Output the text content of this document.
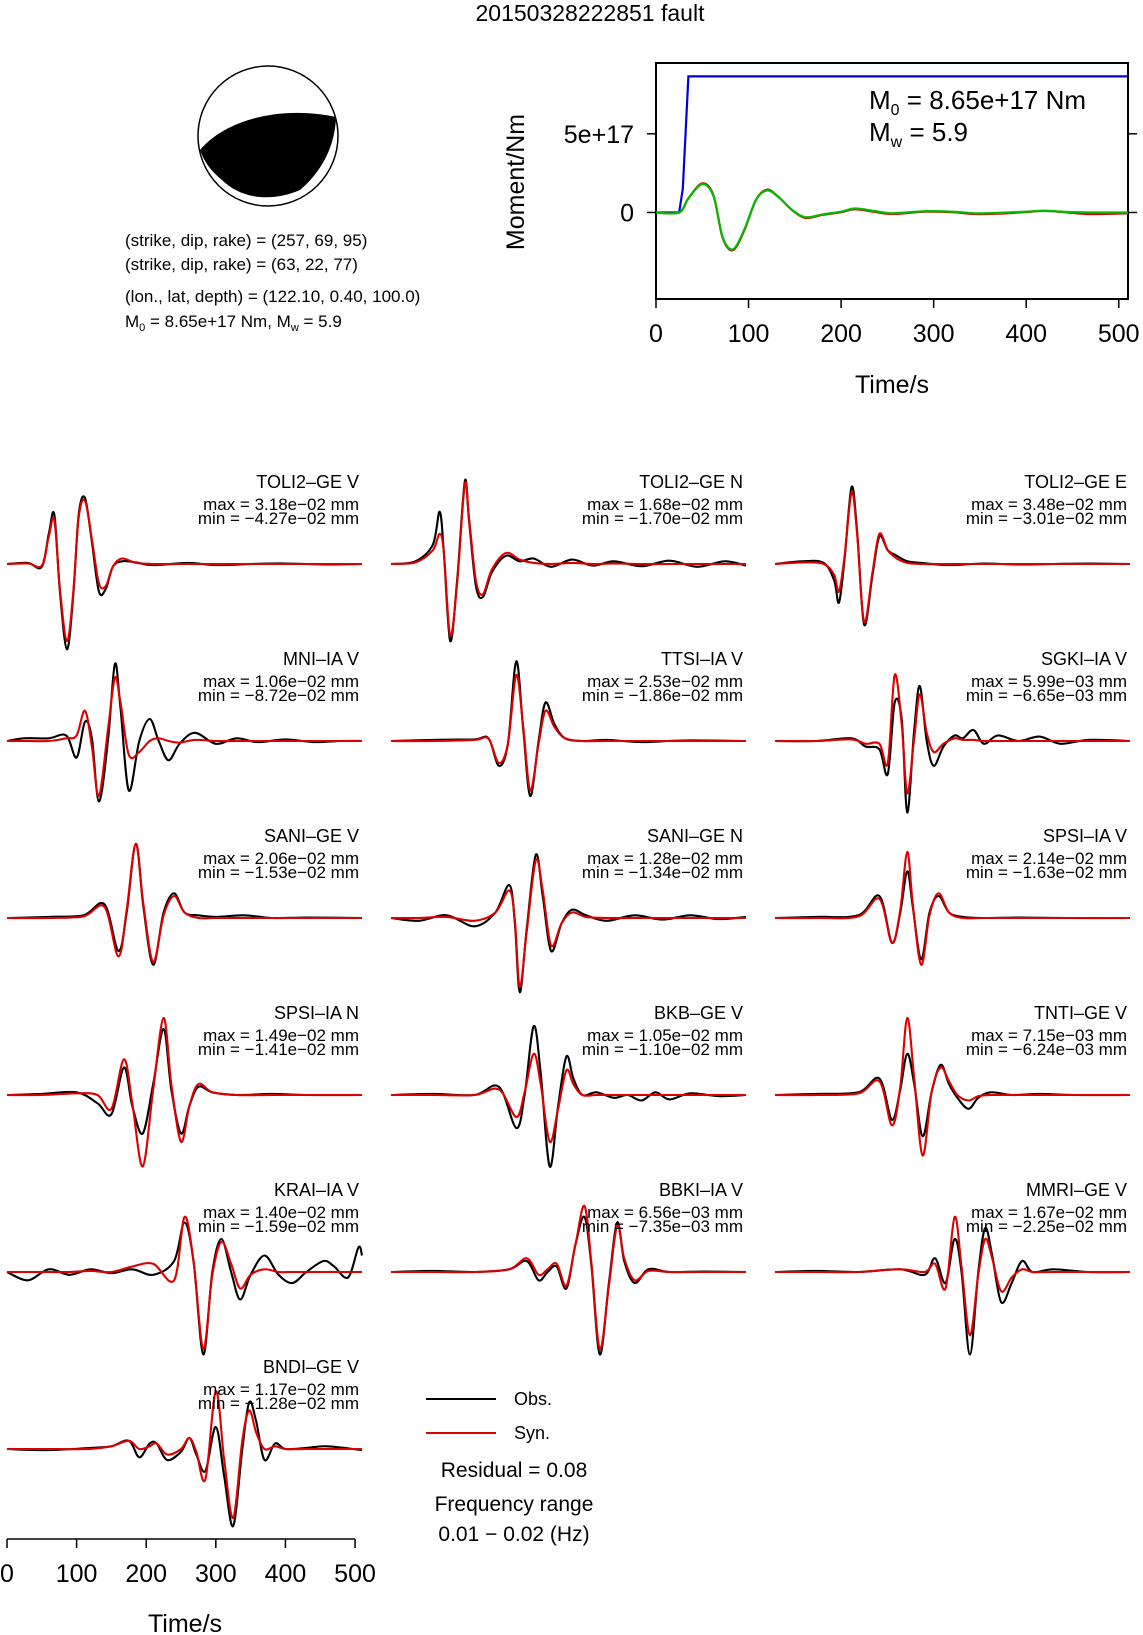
20150328222851 fault
(strike, dip, rake) = (257, 69, 95)
(strike, dip, rake) = (63, 22, 77)
(lon., lat, depth) = (122.10, 0.40, 100.0)
$M_0 = 8.65e+17$ Nm, $M_w = 5.9$	0	100 200 300 400 500
0
5e+17
Moment/Nm
Time/s
$M_0 = 8.65e+17$ Nm
$M_w = 5.9$
TOLI2–GE V
max = 3.18e−02 mm
min = −4.27e−02 mm
TOLI2–GE N
max = 1.68e−02 mm
min = −1.70e−02 mm
TOLI2–GE E
max = 3.48e−02 mm
min = −3.01e−02 mm
MNI–IA V
max = 1.06e−02 mm
min = −8.72e−02 mm
TTSI–IA V
max = 2.53e−02 mm
min = −1.86e−02 mm
SGKI–IA V
max = 5.99e−03 mm
min = −6.65e−03 mm
SANI–GE V
max = 2.06e−02 mm
min = −1.53e−02 mm
SANI–GE N
max = 1.28e−02 mm
min = −1.34e−02 mm
SPSI–IA V
max = 2.14e−02 mm
min = −1.63e−02 mm
SPSI–IA N
max = 1.49e−02 mm
min = −1.41e−02 mm
BKB–GE V
max = 1.05e−02 mm
min = −1.10e−02 mm
TNTI–GE V
max = 7.15e−03 mm
min = −6.24e−03 mm
KRAI–IA V
max = 1.40e−02 mm
min = −1.59e−02 mm
BBKI–IA V
max = 6.56e−03 mm
min = −7.35e−03 mm
MMRI–GE V
max = 1.67e−02 mm
min = −2.25e−02 mm
BNDI–GE V
max = 1.17e−02 mm
min = −1.28e−02 mm
0 100 200 300 400 500
Time/s
Obs.
Syn.
Residual = 0.08
Frequency range
0.01 − 0.02 (Hz)
